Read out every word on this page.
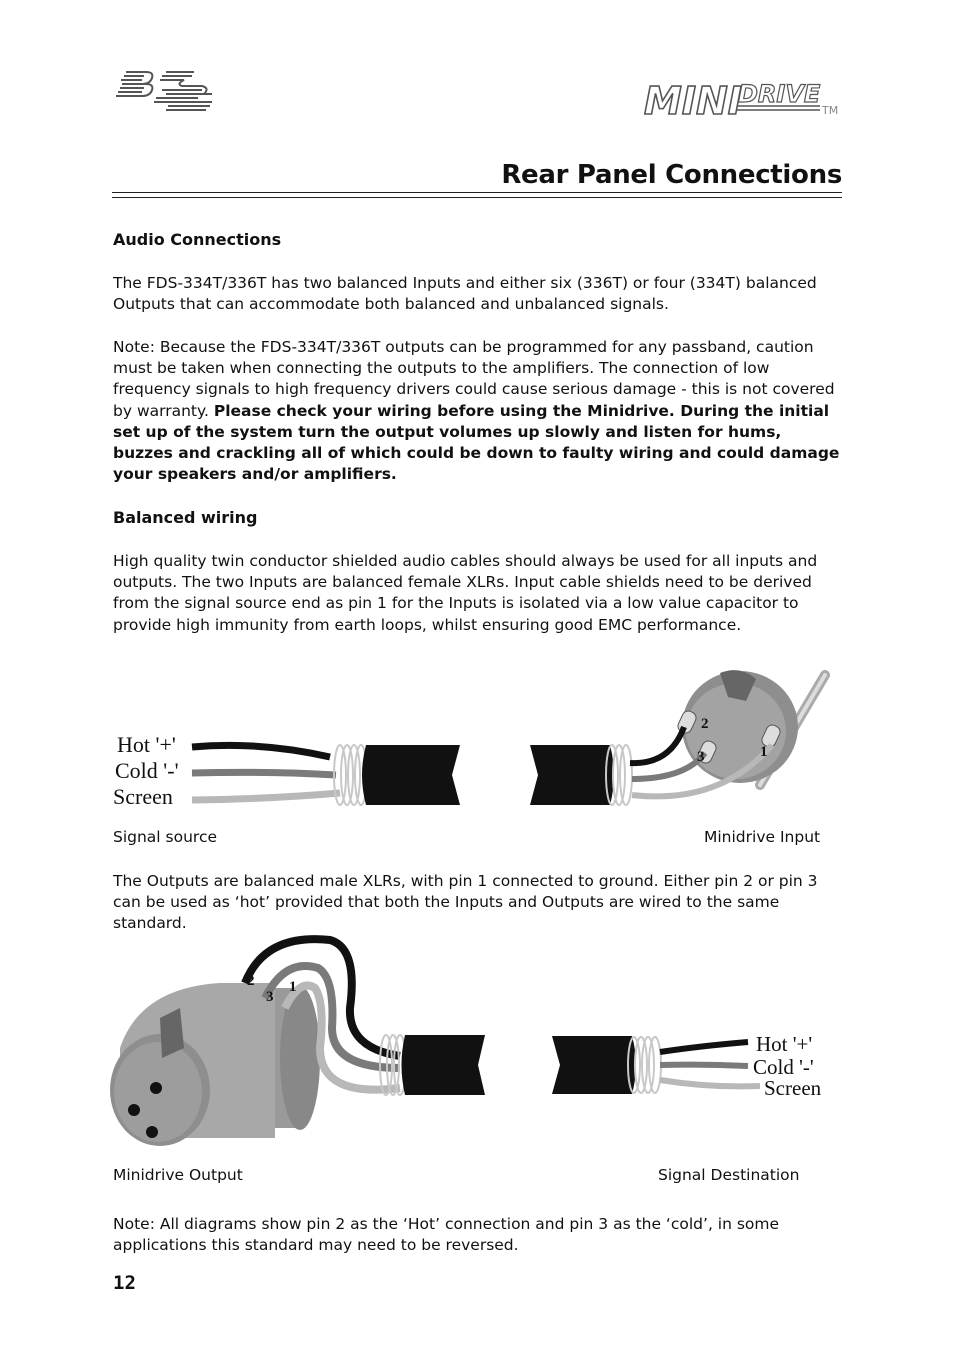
MINI
DRIVE
TM
Rear Panel Connections
Audio Connections
The FDS-334T/336T has two balanced Inputs and either six (336T) or four (334T) balanced Outputs that can accommodate both balanced and unbalanced signals.
Note: Because the FDS-334T/336T outputs can be programmed for any passband, caution must be taken when connecting the outputs to the amplifiers. The connection of low frequency signals to high frequency drivers could cause serious damage - this is not covered by warranty. Please check your wiring before using the Minidrive. During the initial set up of the system turn the output volumes up slowly and listen for hums, buzzes and crackling all of which could be down to faulty wiring and could damage your speakers and/or amplifiers.
Balanced wiring
High quality twin conductor shielded audio cables should always be used for all inputs and outputs. The two Inputs are balanced female XLRs. Input cable shields need to be derived from the signal source end as pin 1 for the Inputs is isolated via a low value capacitor to provide high immunity from earth loops, whilst ensuring good EMC performance.
Hot '+'
Cold '-'
Screen
2
3	1
Signal source	Minidrive Input
The Outputs are balanced male XLRs, with pin 1 connected to ground. Either pin 2 or pin 3 can be used as ‘hot’ provided that both the Inputs and Outputs are wired to the same standard.
2
3
1
Hot '+'
Cold '-'
Screen
Minidrive Output	Signal Destination
Note: All diagrams show pin 2 as the ‘Hot’ connection and pin 3 as the ‘cold’, in some applications this standard may need to be reversed.
12
